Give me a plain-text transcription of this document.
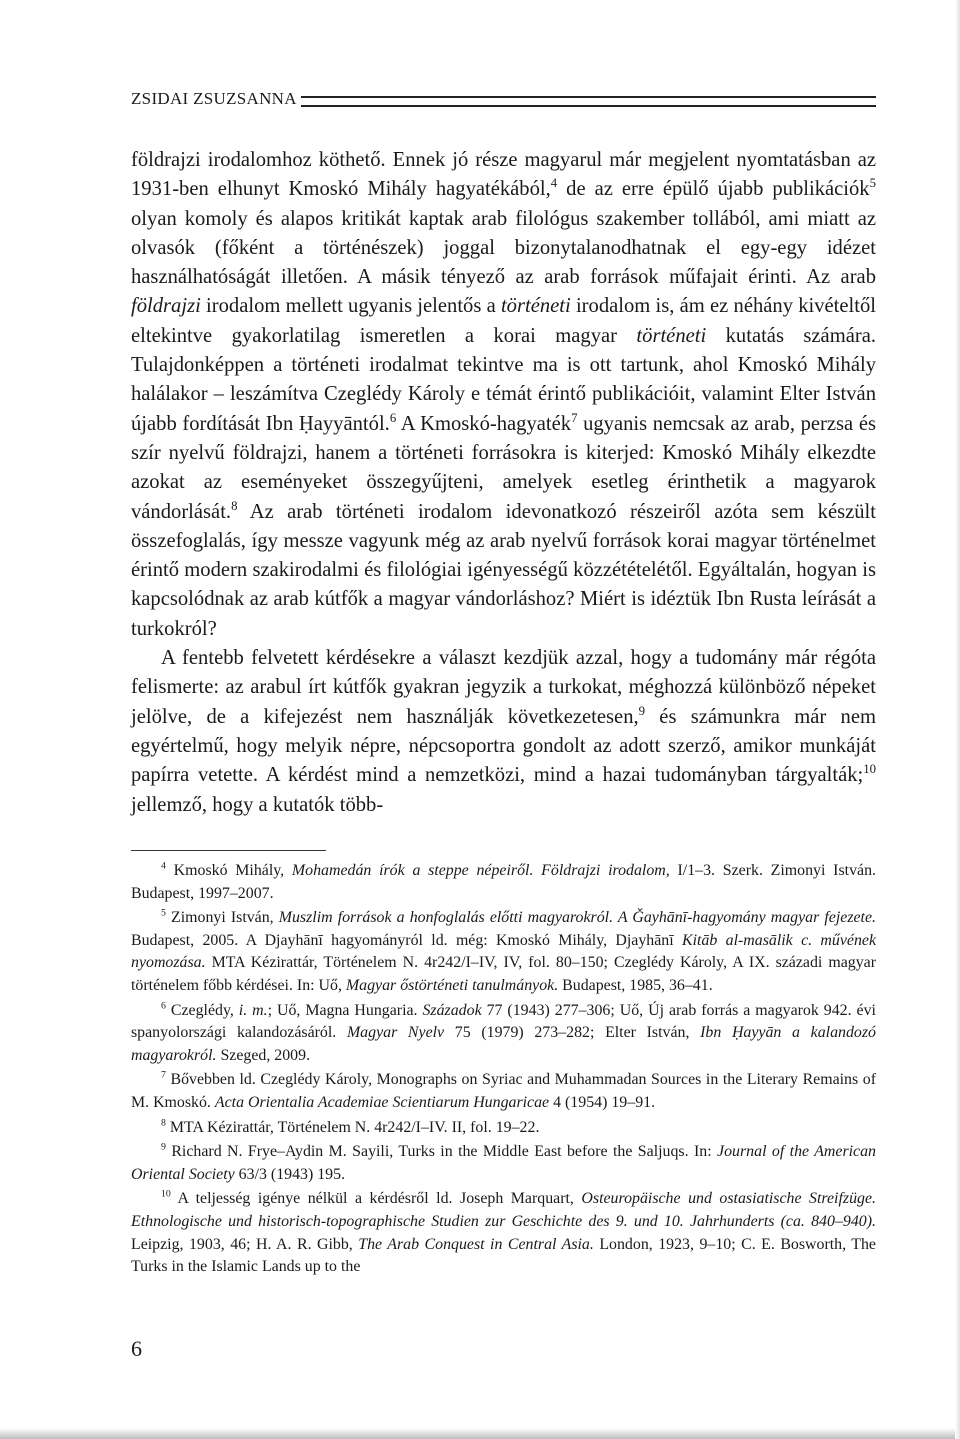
ZSIDAI ZSUZSANNA

földrajzi irodalomhoz köthető. Ennek jó része magyarul már megjelent nyomtatásban az 1931-ben elhunyt Kmoskó Mihály hagyatékából,$^4$ de az erre épülő újabb publikációk$^5$ olyan komoly és alapos kritikát kaptak arab filológus szakember tollából, ami miatt az olvasók (főként a történészek) joggal bizonytalanodhatnak el egy-egy idézet használhatóságát illetően. A másik tényező az arab források műfajait érinti. Az arab földrajzi irodalom mellett ugyanis jelentős a történeti irodalom is, ám ez néhány kivételtől eltekintve gyakorlatilag ismeretlen a korai magyar történeti kutatás számára. Tulajdonképpen a történeti irodalmat tekintve ma is ott tartunk, ahol Kmoskó Mihály halálakor – leszámítva Czeglédy Károly e témát érintő publikációit, valamint Elter István újabb fordítását Ibn Ḥayyāntól.$^6$ A Kmoskó-hagyaték$^7$ ugyanis nemcsak az arab, perzsa és szír nyelvű földrajzi, hanem a történeti forrásokra is kiterjed: Kmoskó Mihály elkezdte azokat az eseményeket összegyűjteni, amelyek esetleg érinthetik a magyarok vándorlását.$^8$ Az arab történeti irodalom idevonatkozó részeiről azóta sem készült összefoglalás, így messze vagyunk még az arab nyelvű források korai magyar történelmet érintő modern szakirodalmi és filológiai igényességű közzétételétől. Egyáltalán, hogyan is kapcsolódnak az arab kútfők a magyar vándorláshoz? Miért is idéztük Ibn Rusta leírását a turkokról?

A fentebb felvetett kérdésekre a választ kezdjük azzal, hogy a tudomány már régóta felismerte: az arabul írt kútfők gyakran jegyzik a turkokat, méghozzá különböző népeket jelölve, de a kifejezést nem használják következetesen,$^9$ és számunkra már nem egyértelmű, hogy melyik népre, népcsoportra gondolt az adott szerző, amikor munkáját papírra vetette. A kérdést mind a nemzetközi, mind a hazai tudományban tárgyalták;$^{10}$ jellemző, hogy a kutatók több-

$^4$ Kmoskó Mihály, Mohamedán írók a steppe népeiről. Földrajzi irodalom, I/1–3. Szerk. Zimonyi István. Budapest, 1997–2007.

$^5$ Zimonyi István, Muszlim források a honfoglalás előtti magyarokról. A Ǧayhānī-hagyomány magyar fejezete. Budapest, 2005. A Djayhānī hagyományról ld. még: Kmoskó Mihály, Djayhānī Kitāb al-masālik c. művének nyomozása. MTA Kézirattár, Történelem N. 4r242/I–IV, IV, fol. 80–150; Czeglédy Károly, A IX. századi magyar történelem főbb kérdései. In: Uő, Magyar őstörténeti tanulmányok. Budapest, 1985, 36–41.

$^6$ Czeglédy, i. m.; Uő, Magna Hungaria. Századok 77 (1943) 277–306; Uő, Új arab forrás a magyarok 942. évi spanyolországi kalandozásáról. Magyar Nyelv 75 (1979) 273–282; Elter István, Ibn Ḥayyān a kalandozó magyarokról. Szeged, 2009.

$^7$ Bővebben ld. Czeglédy Károly, Monographs on Syriac and Muhammadan Sources in the Literary Remains of M. Kmoskó. Acta Orientalia Academiae Scientiarum Hungaricae 4 (1954) 19–91.

$^8$ MTA Kézirattár, Történelem N. 4r242/I–IV. II, fol. 19–22.

$^9$ Richard N. Frye–Aydin M. Sayili, Turks in the Middle East before the Saljuqs. In: Journal of the American Oriental Society 63/3 (1943) 195.

$^{10}$ A teljesség igénye nélkül a kérdésről ld. Joseph Marquart, Osteuropäische und ostasiatische Streifzüge. Ethnologische und historisch-topographische Studien zur Geschichte des 9. und 10. Jahrhunderts (ca. 840–940). Leipzig, 1903, 46; H. A. R. Gibb, The Arab Conquest in Central Asia. London, 1923, 9–10; C. E. Bosworth, The Turks in the Islamic Lands up to the

6
